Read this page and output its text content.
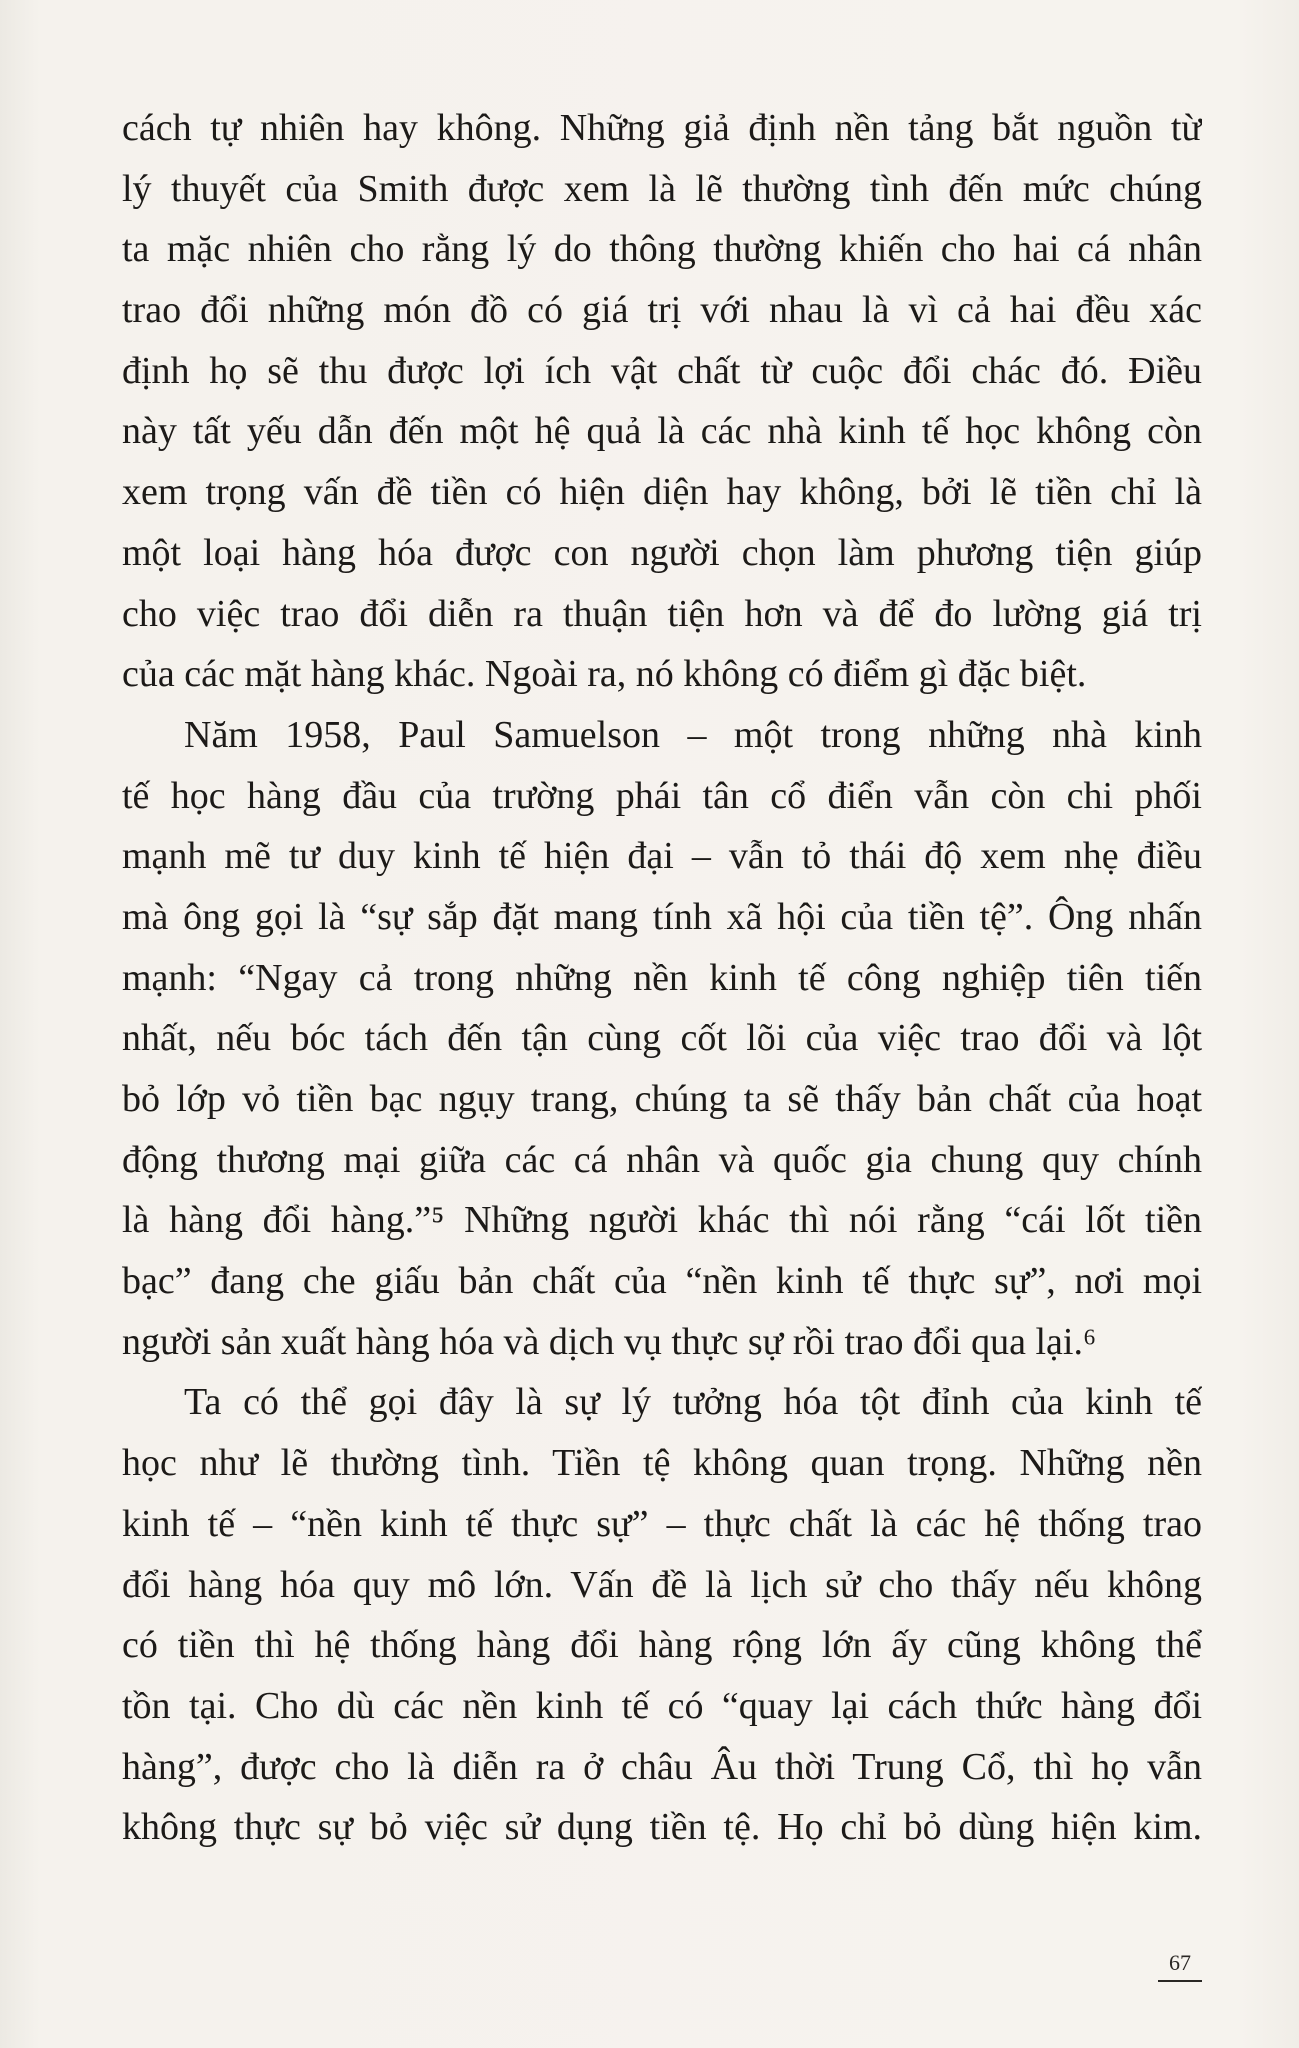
cách tự nhiên hay không. Những giả định nền tảng bắt nguồn từ
lý thuyết của Smith được xem là lẽ thường tình đến mức chúng
ta mặc nhiên cho rằng lý do thông thường khiến cho hai cá nhân
trao đổi những món đồ có giá trị với nhau là vì cả hai đều xác
định họ sẽ thu được lợi ích vật chất từ cuộc đổi chác đó. Điều
này tất yếu dẫn đến một hệ quả là các nhà kinh tế học không còn
xem trọng vấn đề tiền có hiện diện hay không, bởi lẽ tiền chỉ là
một loại hàng hóa được con người chọn làm phương tiện giúp
cho việc trao đổi diễn ra thuận tiện hơn và để đo lường giá trị
của các mặt hàng khác. Ngoài ra, nó không có điểm gì đặc biệt.
Năm 1958, Paul Samuelson – một trong những nhà kinh
tế học hàng đầu của trường phái tân cổ điển vẫn còn chi phối
mạnh mẽ tư duy kinh tế hiện đại – vẫn tỏ thái độ xem nhẹ điều
mà ông gọi là “sự sắp đặt mang tính xã hội của tiền tệ”. Ông nhấn
mạnh: “Ngay cả trong những nền kinh tế công nghiệp tiên tiến
nhất, nếu bóc tách đến tận cùng cốt lõi của việc trao đổi và lột
bỏ lớp vỏ tiền bạc ngụy trang, chúng ta sẽ thấy bản chất của hoạt
động thương mại giữa các cá nhân và quốc gia chung quy chính
là hàng đổi hàng.”⁵ Những người khác thì nói rằng “cái lốt tiền
bạc” đang che giấu bản chất của “nền kinh tế thực sự”, nơi mọi
người sản xuất hàng hóa và dịch vụ thực sự rồi trao đổi qua lại.⁶
Ta có thể gọi đây là sự lý tưởng hóa tột đỉnh của kinh tế
học như lẽ thường tình. Tiền tệ không quan trọng. Những nền
kinh tế – “nền kinh tế thực sự” – thực chất là các hệ thống trao
đổi hàng hóa quy mô lớn. Vấn đề là lịch sử cho thấy nếu không
có tiền thì hệ thống hàng đổi hàng rộng lớn ấy cũng không thể
tồn tại. Cho dù các nền kinh tế có “quay lại cách thức hàng đổi
hàng”, được cho là diễn ra ở châu Âu thời Trung Cổ, thì họ vẫn
không thực sự bỏ việc sử dụng tiền tệ. Họ chỉ bỏ dùng hiện kim.
67
